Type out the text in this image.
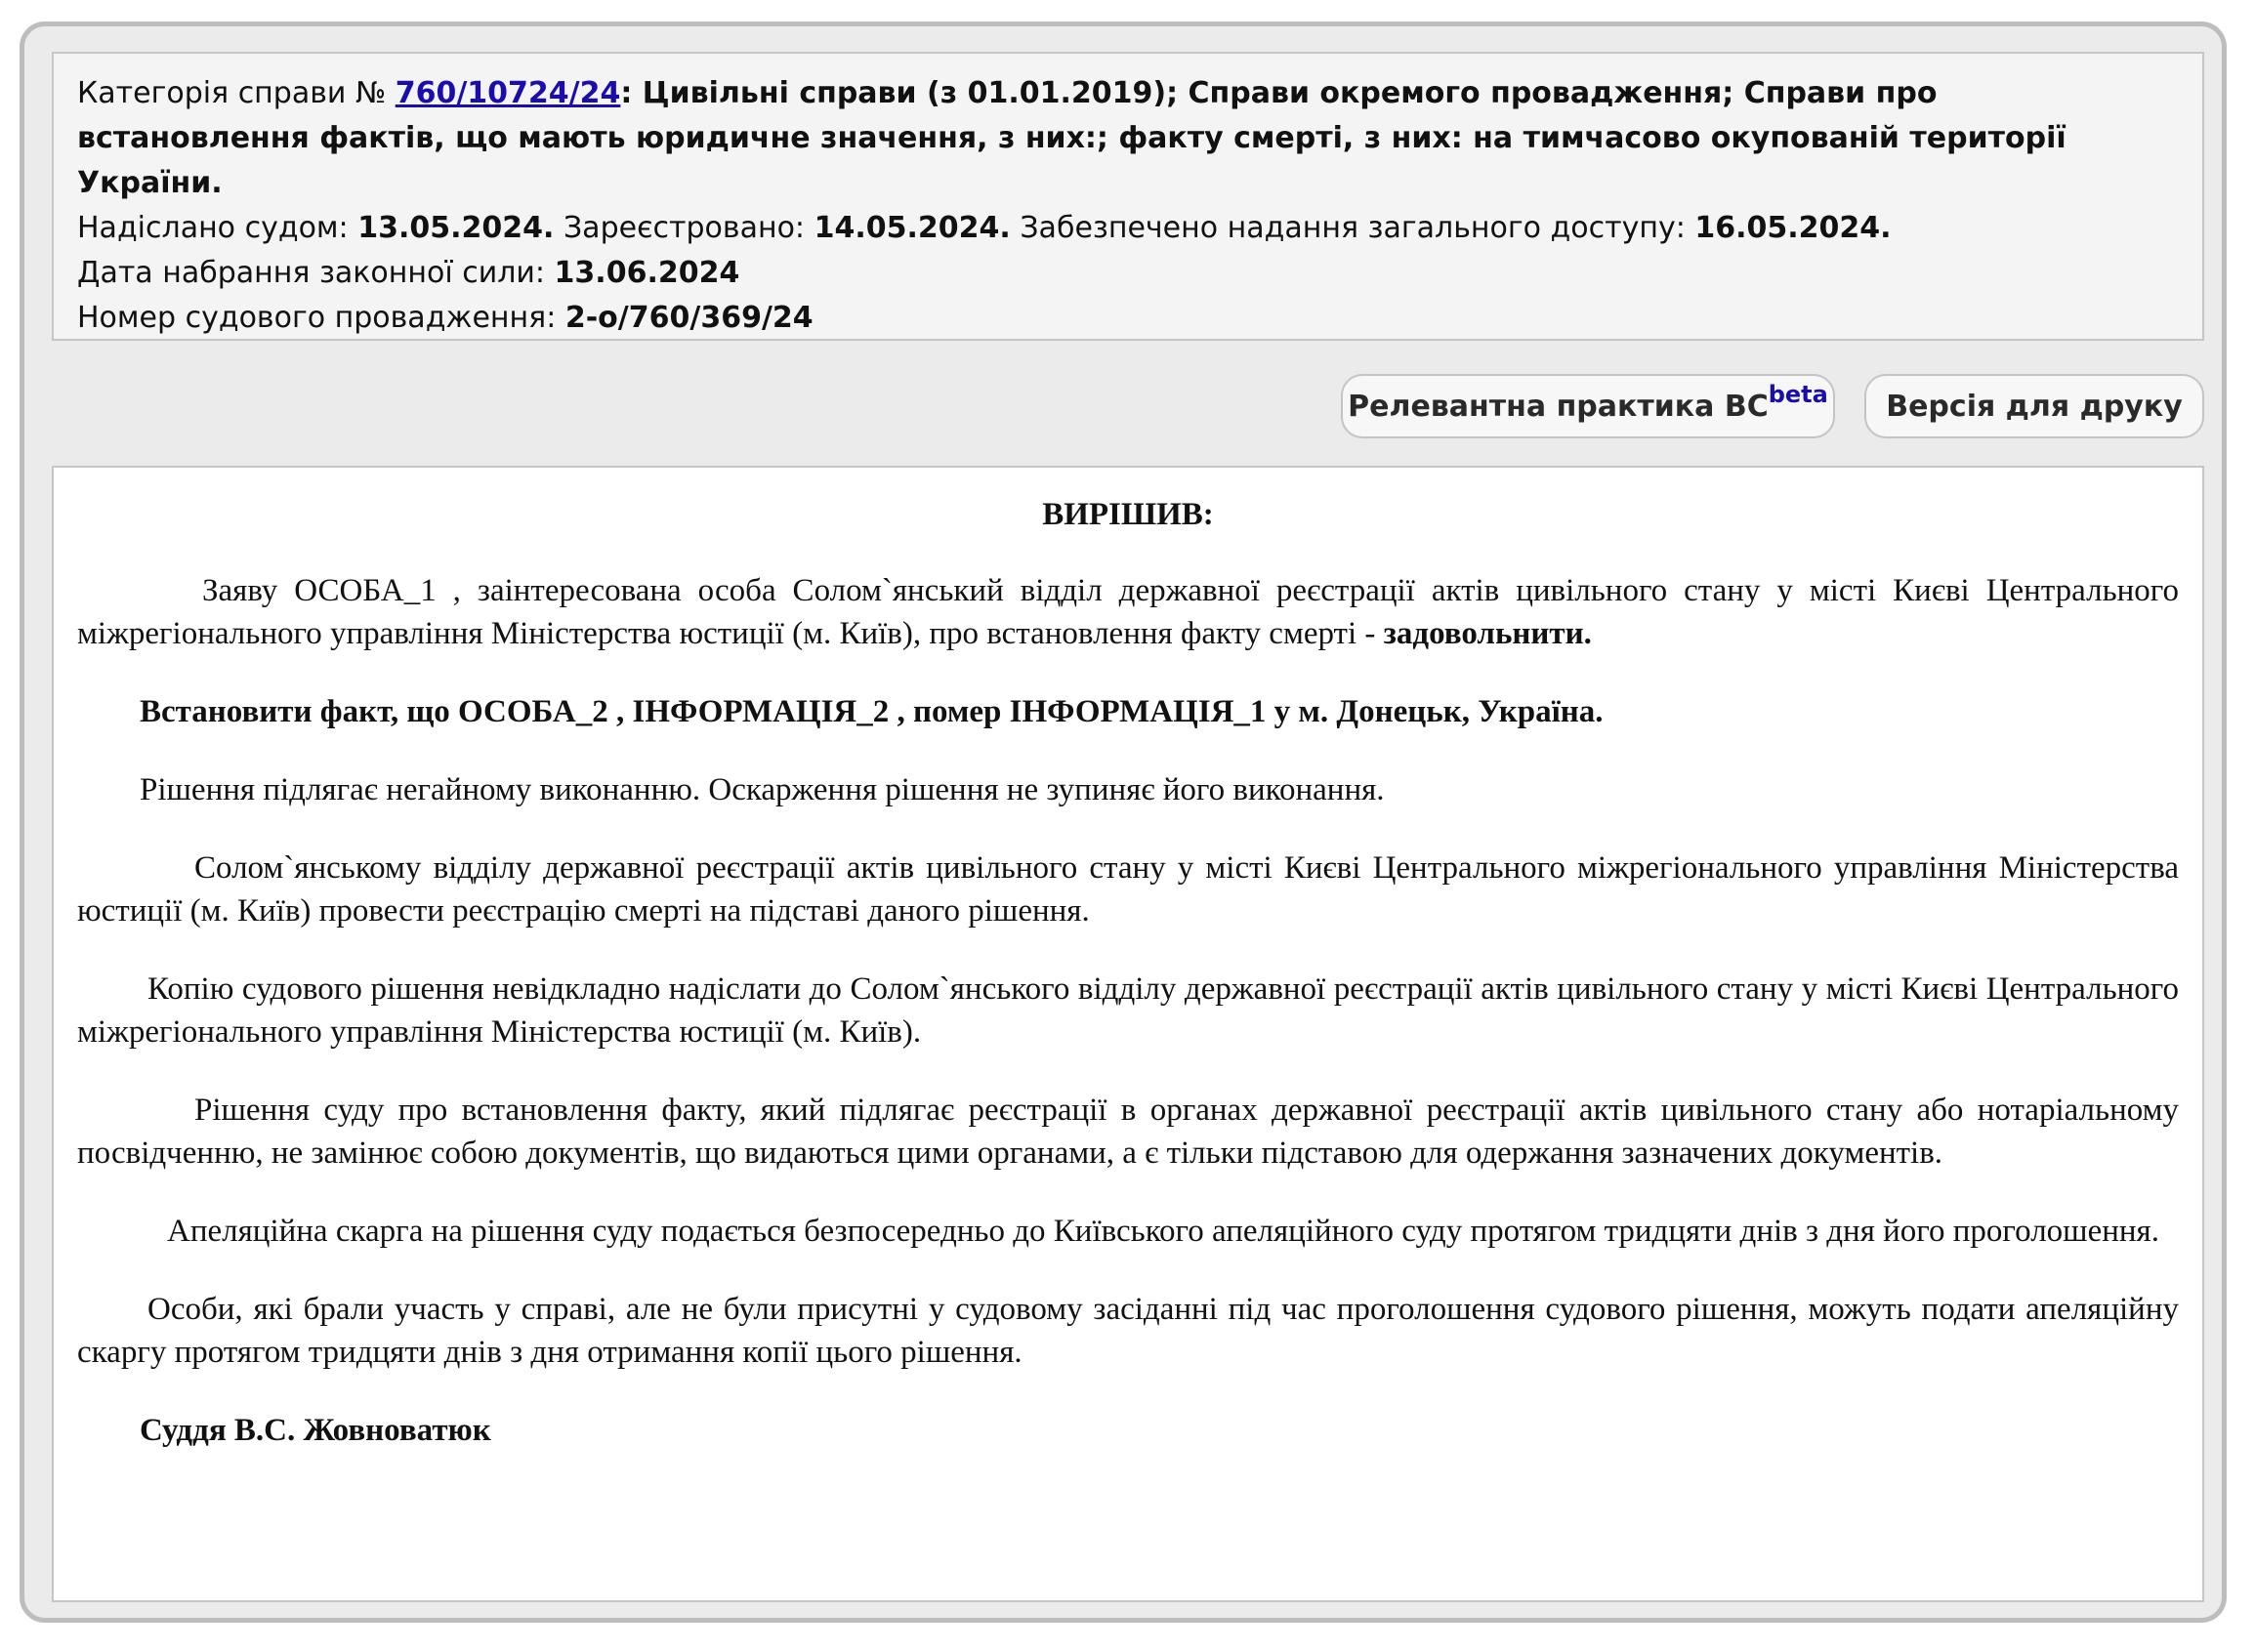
Категорія справи № 760/10724/24: Цивільні справи (з 01.01.2019); Справи окремого провадження; Справи про встановлення фактів, що мають юридичне значення, з них:; факту смерті, з них: на тимчасово окупованій території України.
Надіслано судом: 13.05.2024. Зареєстровано: 14.05.2024. Забезпечено надання загального доступу: 16.05.2024.
Дата набрання законної сили: 13.06.2024
Номер судового провадження: 2-о/760/369/24
Релевантна практика $ВС^{beta}$ Версія для друку

ВИРІШИВ:

Заяву ОСОБА_1 , заінтересована особа Солом`янський відділ державної реєстрації актів цивільного стану у місті Києві Центрального міжрегіонального управління Міністерства юстиції (м. Київ), про встановлення факту смерті - задовольнити.

Встановити факт, що ОСОБА_2 , ІНФОРМАЦІЯ_2 , помер ІНФОРМАЦІЯ_1 у м. Донецьк, Україна.

Рішення підлягає негайному виконанню. Оскарження рішення не зупиняє його виконання.

Солом`янському відділу державної реєстрації актів цивільного стану у місті Києві Центрального міжрегіонального управління Міністерства юстиції (м. Київ) провести реєстрацію смерті на підставі даного рішення.

Копію судового рішення невідкладно надіслати до Солом`янського відділу державної реєстрації актів цивільного стану у місті Києві Центрального міжрегіонального управління Міністерства юстиції (м. Київ).

Рішення суду про встановлення факту, який підлягає реєстрації в органах державної реєстрації актів цивільного стану або нотаріальному посвідченню, не замінює собою документів, що видаються цими органами, а є тільки підставою для одержання зазначених документів.

Апеляційна скарга на рішення суду подається безпосередньо до Київського апеляційного суду протягом тридцяти днів з дня його проголошення.

Особи, які брали участь у справі, але не були присутні у судовому засіданні під час проголошення судового рішення, можуть подати апеляційну скаргу протягом тридцяти днів з дня отримання копії цього рішення.

Суддя В.С. Жовноватюк
